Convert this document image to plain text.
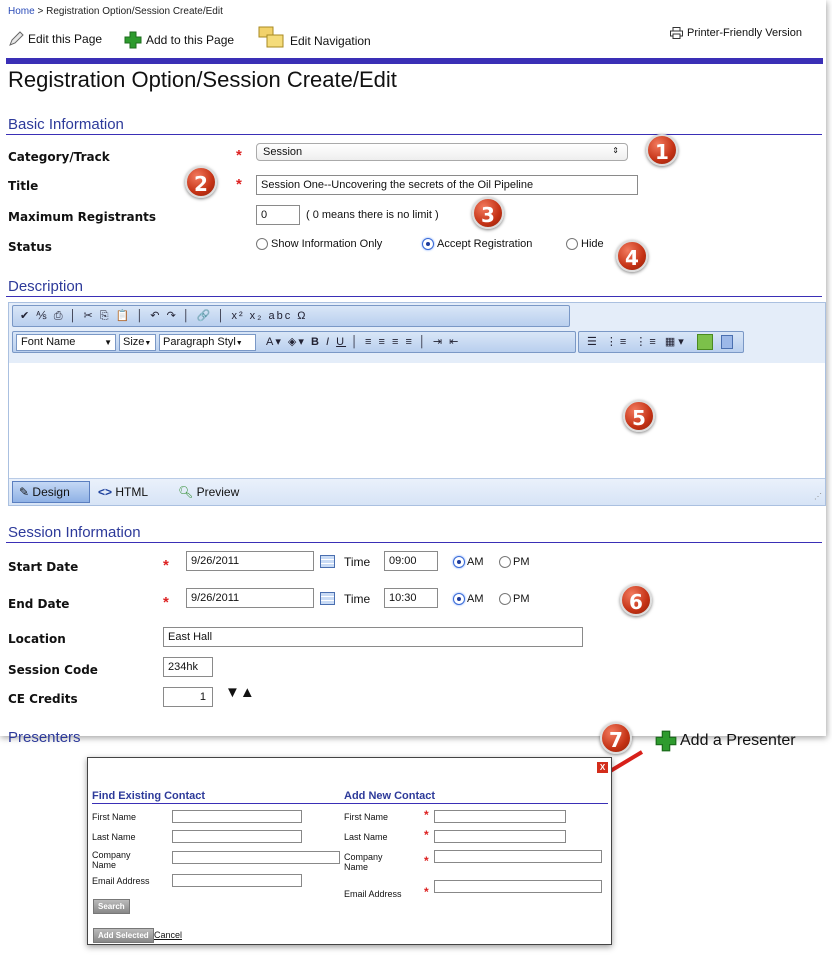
Home > Registration Option/Session Create/Edit
Edit this Page	Add to this Page	Edit Navigation
Printer-Friendly Version
Registration Option/Session Create/Edit
Basic Information
Category/Track	*	Session	⇕	1
Title	2	*	Session One--Uncovering the secrets of the Oil Pipeline
Maximum Registrants	0	( 0 means there is no limit )	3
Status	Show Information Only	Accept Registration	Hide
4
Description
✔ ⅍ ⎙ │ ✂ ⎘ 📋 │ ↶ ↷ │ 🔗 │ x² x₂ abc Ω
Font Name	▼	Size▼	Paragraph Styl▼	A▾ ◈▾ B I U │ ≡ ≡ ≡ ≡ │ ⇥ ⇤	☰ ⋮≡ ⋮≡ ▦▾
5
✎ Design	<> HTML 🔍︎ Preview	⋰
Session Information
Start Date	*	9/26/2011	Time	09:00	AM	PM
End Date	*	9/26/2011	Time	10:30	AM	PM	6
Location	East Hall
Session Code	234hk
CE Credits	1	▼▲
Presenters	Add a Presenter
7
X
Find Existing Contact	Add New Contact
First Name
Last Name
Company Name
Email Address
Search
Add Selected Cancel
First Name	*
Last Name	*
Company Name	*
Email Address *
